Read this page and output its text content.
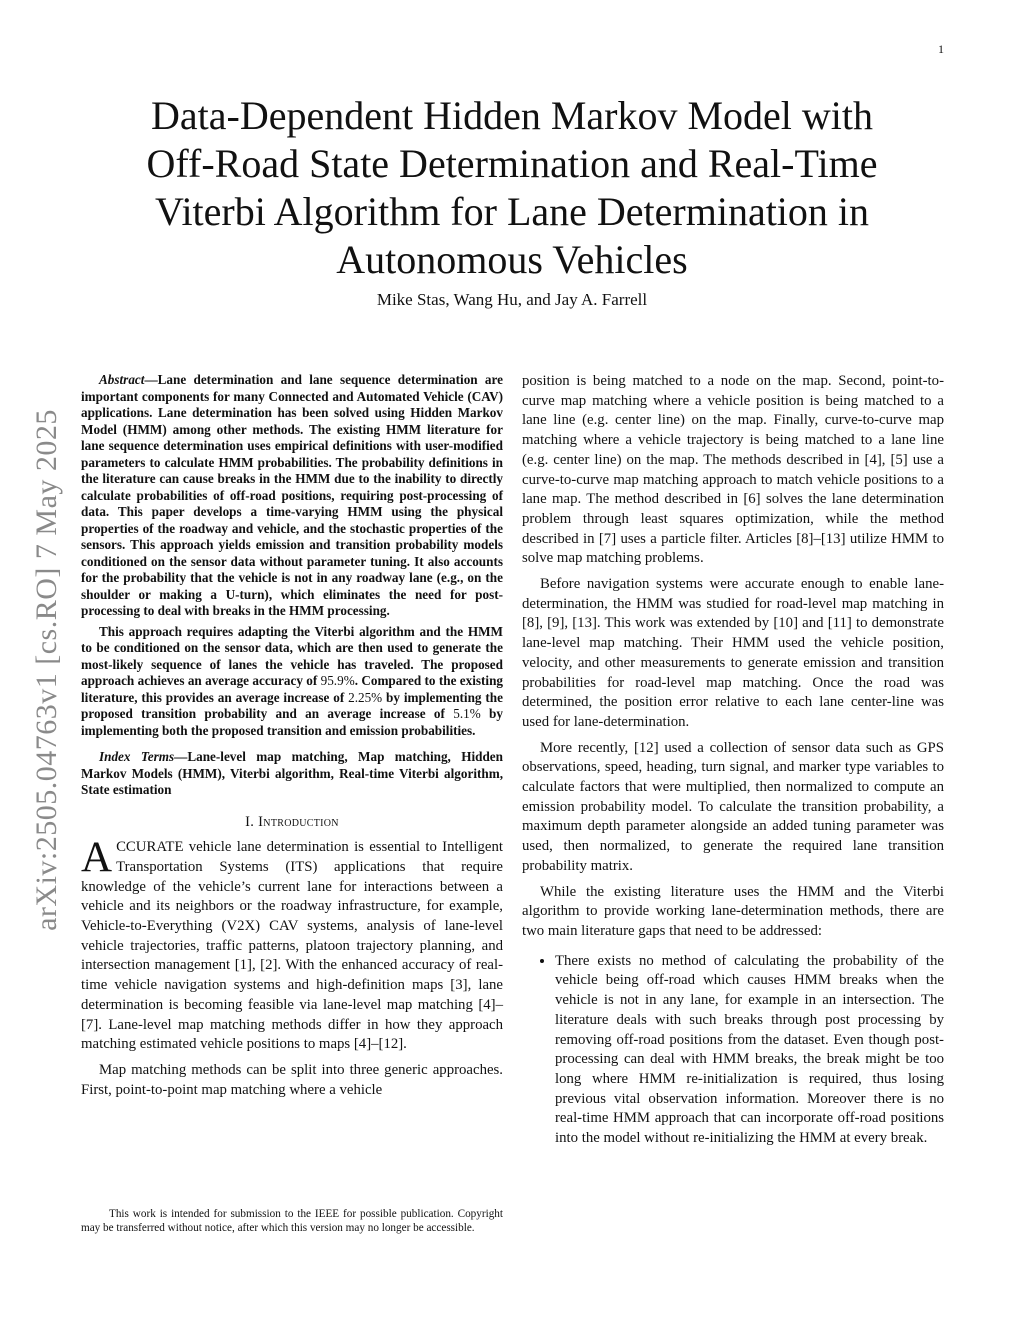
1
arXiv:2505.04763v1 [cs.RO] 7 May 2025
Data-Dependent Hidden Markov Model with
Off-Road State Determination and Real-Time
Viterbi Algorithm for Lane Determination in
Autonomous Vehicles
Mike Stas, Wang Hu, and Jay A. Farrell

Abstract—Lane determination and lane sequence determination are important components for many Connected and Automated Vehicle (CAV) applications. Lane determination has been solved using Hidden Markov Model (HMM) among other methods. The existing HMM literature for lane sequence determination uses empirical definitions with user-modified parameters to calculate HMM probabilities. The probability definitions in the literature can cause breaks in the HMM due to the inability to directly calculate probabilities of off-road positions, requiring post-processing of data. This paper develops a time-varying HMM using the physical properties of the roadway and vehicle, and the stochastic properties of the sensors. This approach yields emission and transition probability models conditioned on the sensor data without parameter tuning. It also accounts for the probability that the vehicle is not in any roadway lane (e.g., on the shoulder or making a U-turn), which eliminates the need for post-processing to deal with breaks in the HMM processing.

This approach requires adapting the Viterbi algorithm and the HMM to be conditioned on the sensor data, which are then used to generate the most-likely sequence of lanes the vehicle has traveled. The proposed approach achieves an average accuracy of 95.9%. Compared to the existing literature, this provides an average increase of 2.25% by implementing the proposed transition probability and an average increase of 5.1% by implementing both the proposed transition and emission probabilities.

Index Terms—Lane-level map matching, Map matching, Hidden Markov Models (HMM), Viterbi algorithm, Real-time Viterbi algorithm, State estimation

I. Introduction

ACCURATE vehicle lane determination is essential to Intelligent Transportation Systems (ITS) applications that require knowledge of the vehicle’s current lane for interactions between a vehicle and its neighbors or the roadway infrastructure, for example, Vehicle-to-Everything (V2X) CAV systems, analysis of lane-level vehicle trajectories, traffic patterns, platoon trajectory planning, and intersection management [1], [2]. With the enhanced accuracy of real-time vehicle navigation systems and high-definition maps [3], lane determination is becoming feasible via lane-level map matching [4]–[7]. Lane-level map matching methods differ in how they approach matching estimated vehicle positions to maps [4]–[12].

Map matching methods can be split into three generic approaches. First, point-to-point map matching where a vehicle

position is being matched to a node on the map. Second, point-to-curve map matching where a vehicle position is being matched to a lane line (e.g. center line) on the map. Finally, curve-to-curve map matching where a vehicle trajectory is being matched to a lane line (e.g. center line) on the map. The methods described in [4], [5] use a curve-to-curve map matching approach to match vehicle positions to a lane map. The method described in [6] solves the lane determination problem through least squares optimization, while the method described in [7] uses a particle filter. Articles [8]–[13] utilize HMM to solve map matching problems.

Before navigation systems were accurate enough to enable lane-determination, the HMM was studied for road-level map matching in [8], [9], [13]. This work was extended by [10] and [11] to demonstrate lane-level map matching. Their HMM used the vehicle position, velocity, and other measurements to generate emission and transition probabilities for road-level map matching. Once the road was determined, the position error relative to each lane center-line was used for lane-determination.

More recently, [12] used a collection of sensor data such as GPS observations, speed, heading, turn signal, and marker type variables to calculate factors that were multiplied, then normalized to compute an emission probability model. To calculate the transition probability, a maximum depth parameter alongside an added tuning parameter was used, then normalized, to generate the required lane transition probability matrix.

While the existing literature uses the HMM and the Viterbi algorithm to provide working lane-determination methods, there are two main literature gaps that need to be addressed:

• There exists no method of calculating the probability of the vehicle being off-road which causes HMM breaks when the vehicle is not in any lane, for example in an intersection. The literature deals with such breaks through post processing by removing off-road positions from the dataset. Even though post-processing can deal with HMM breaks, the break might be too long where HMM re-initialization is required, thus losing previous vital observation information. Moreover there is no real-time HMM approach that can incorporate off-road positions into the model without re-initializing the HMM at every break.
This work is intended for submission to the IEEE for possible publication. Copyright may be transferred without notice, after which this version may no longer be accessible.
